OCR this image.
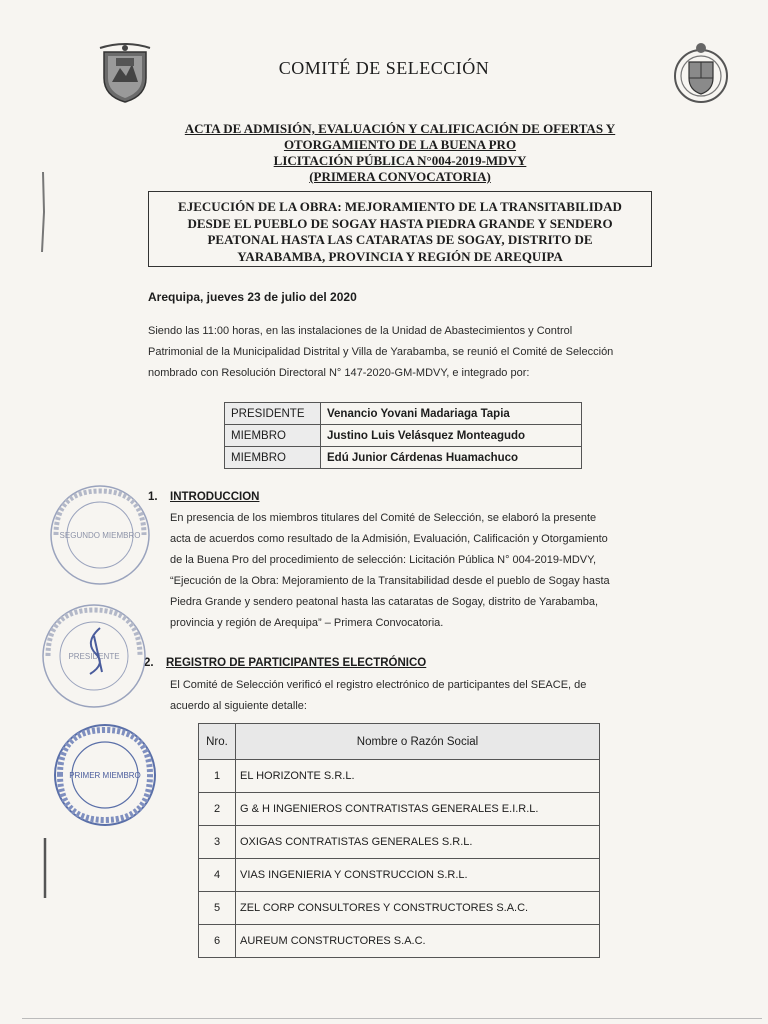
COMITÉ DE SELECCIÓN
ACTA DE ADMISIÓN, EVALUACIÓN Y CALIFICACIÓN DE OFERTAS Y
OTORGAMIENTO DE LA BUENA PRO
LICITACIÓN PÚBLICA N°004-2019-MDVY
(PRIMERA CONVOCATORIA)
EJECUCIÓN DE LA OBRA: MEJORAMIENTO DE LA TRANSITABILIDAD
DESDE EL PUEBLO DE SOGAY HASTA PIEDRA GRANDE Y SENDERO
PEATONAL HASTA LAS CATARATAS DE SOGAY, DISTRITO DE
YARABAMBA, PROVINCIA Y REGIÓN DE AREQUIPA
Arequipa, jueves 23 de julio del 2020
Siendo las 11:00 horas, en las instalaciones de la Unidad de Abastecimientos y Control
Patrimonial de la Municipalidad Distrital y Villa de Yarabamba, se reunió el Comité de Selección
nombrado con Resolución Directoral N° 147-2020-GM-MDVY, e integrado por:
PRESIDENTE	Venancio Yovani Madariaga Tapia
MIEMBRO	Justino Luis Velásquez Monteagudo
MIEMBRO	Edú Junior Cárdenas Huamachuco
1. INTRODUCCION
En presencia de los miembros titulares del Comité de Selección, se elaboró la presente
acta de acuerdos como resultado de la Admisión, Evaluación, Calificación y Otorgamiento
de la Buena Pro del procedimiento de selección: Licitación Pública N° 004-2019-MDVY,
“Ejecución de la Obra: Mejoramiento de la Transitabilidad desde el pueblo de Sogay hasta
Piedra Grande y sendero peatonal hasta las cataratas de Sogay, distrito de Yarabamba,
provincia y región de Arequipa” – Primera Convocatoria.
2. REGISTRO DE PARTICIPANTES ELECTRÓNICO
El Comité de Selección verificó el registro electrónico de participantes del SEACE, de
acuerdo al siguiente detalle:
Nro.	Nombre o Razón Social
1	EL HORIZONTE S.R.L.
2	G & H INGENIEROS CONTRATISTAS GENERALES E.I.R.L.
3	OXIGAS CONTRATISTAS GENERALES S.R.L.
4	VIAS INGENIERIA Y CONSTRUCCION S.R.L.
5	ZEL CORP CONSULTORES Y CONSTRUCTORES S.A.C.
6	AUREUM CONSTRUCTORES S.A.C.
SEGUNDO MIEMBRO
PRESIDENTE
PRIMER MIEMBRO
